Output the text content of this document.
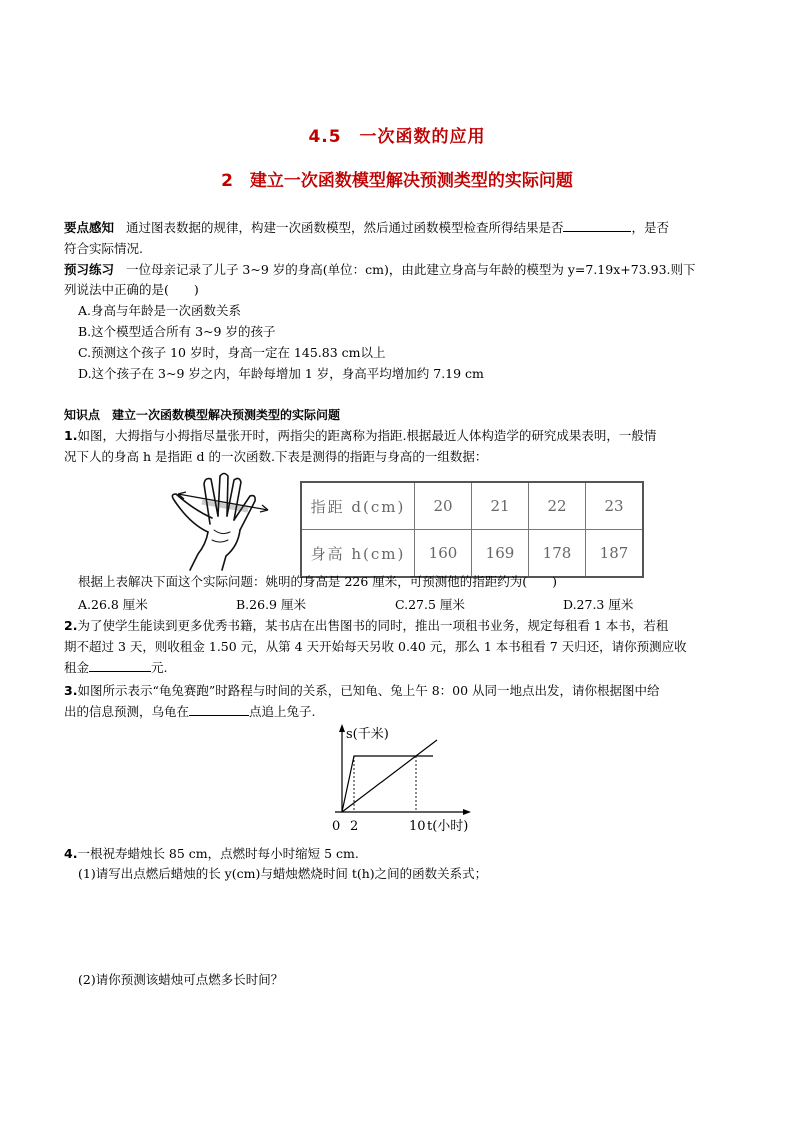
4.5　一次函数的应用
2　建立一次函数模型解决预测类型的实际问题
要点感知 通过图表数据的规律，构建一次函数模型，然后通过函数模型检查所得结果是否	，是否
符合实际情况.
预习练习 一位母亲记录了儿子 3~9 岁的身高(单位：cm)，由此建立身高与年龄的模型为 y=7.19x+73.93.则下
列说法中正确的是(　　)
A.身高与年龄是一次函数关系
B.这个模型适合所有 3~9 岁的孩子
C.预测这个孩子 10 岁时，身高一定在 145.83 cm以上
D.这个孩子在 3~9 岁之内，年龄每增加 1 岁，身高平均增加约 7.19 cm
知识点　建立一次函数模型解决预测类型的实际问题
1.如图，大拇指与小拇指尽量张开时，两指尖的距离称为指距.根据最近人体构造学的研究成果表明，一般情
况下人的身高 h 是指距 d 的一次函数.下表是测得的指距与身高的一组数据：
指距 d(cm)	20	21	22	23
身高 h(cm)	160	169	178	187
根据上表解决下面这个实际问题：姚明的身高是 226 厘米，可预测他的指距约为(　　)
A.26.8 厘米	B.26.9 厘米	C.27.5 厘米	D.27.3 厘米
2.为了使学生能读到更多优秀书籍，某书店在出售图书的同时，推出一项租书业务，规定每租看 1 本书，若租
期不超过 3 天，则收租金 1.50 元，从第 4 天开始每天另收 0.40 元，那么 1 本书租看 7 天归还，请你预测应收
租金	元.
3.如图所示表示“龟兔赛跑”时路程与时间的关系，已知龟、兔上午 8：00 从同一地点出发，请你根据图中给
出的信息预测，乌龟在	点追上兔子.
s(千米)
0 2	10 t(小时)
4.一根祝寿蜡烛长 85 cm，点燃时每小时缩短 5 cm.
(1)请写出点燃后蜡烛的长 y(cm)与蜡烛燃烧时间 t(h)之间的函数关系式；
(2)请你预测该蜡烛可点燃多长时间？
